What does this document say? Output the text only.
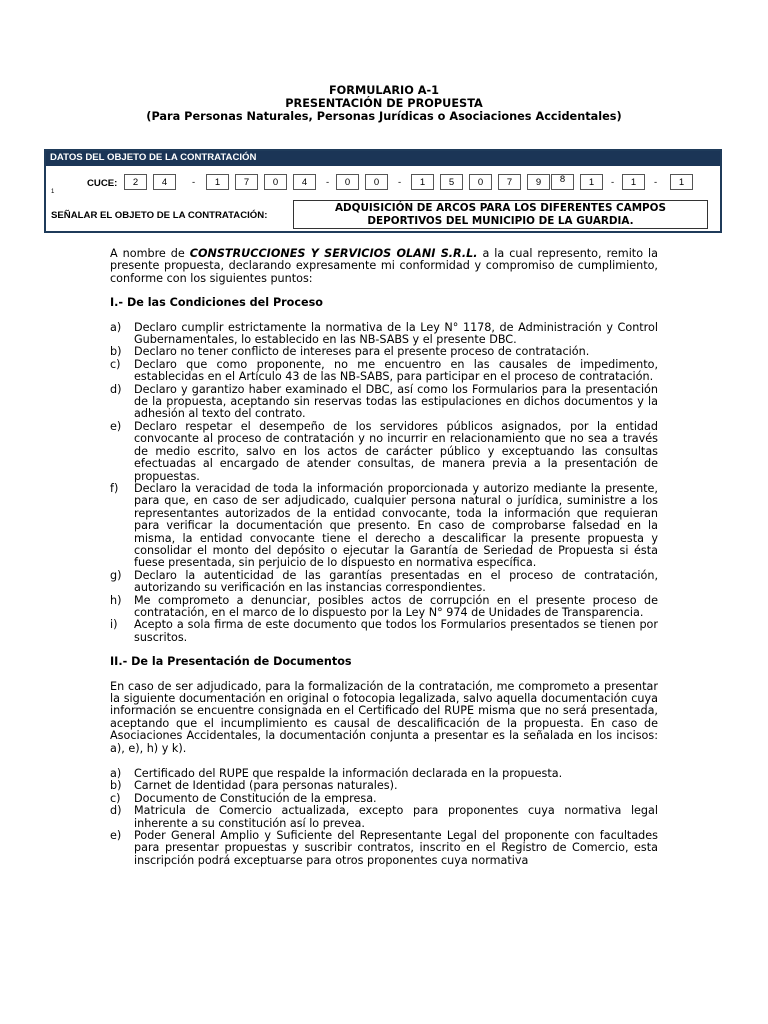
FORMULARIO A-1
PRESENTACIÓN DE PROPUESTA
(Para Personas Naturales, Personas Jurídicas o Asociaciones Accidentales)
DATOS DEL OBJETO DE LA CONTRATACIÓN
1
CUCE:	2	4	-	1	7	0	4	-	0	0	-	1	5	0	7	9	8	1	-	1	-	1
SEÑALAR EL OBJETO DE LA CONTRATACIÓN:
ADQUISICIÓN DE ARCOS PARA LOS DIFERENTES CAMPOS
DEPORTIVOS DEL MUNICIPIO DE LA GUARDIA.

A nombre de CONSTRUCCIONES Y SERVICIOS OLANI S.R.L. a la cual represento, remito la presente propuesta, declarando expresamente mi conformidad y compromiso de cumplimiento, conforme con los siguientes puntos:

I.- De las Condiciones del Proceso

a) Declaro cumplir estrictamente la normativa de la Ley N° 1178, de Administración y Control Gubernamentales, lo establecido en las NB-SABS y el presente DBC.
b) Declaro no tener conflicto de intereses para el presente proceso de contratación.
c) Declaro que como proponente, no me encuentro en las causales de impedimento, establecidas en el Artículo 43 de las NB-SABS, para participar en el proceso de contratación.
d) Declaro y garantizo haber examinado el DBC, así como los Formularios para la presentación de la propuesta, aceptando sin reservas todas las estipulaciones en dichos documentos y la adhesión al texto del contrato.
e) Declaro respetar el desempeño de los servidores públicos asignados, por la entidad convocante al proceso de contratación y no incurrir en relacionamiento que no sea a través de medio escrito, salvo en los actos de carácter público y exceptuando las consultas efectuadas al encargado de atender consultas, de manera previa a la presentación de propuestas.
f) Declaro la veracidad de toda la información proporcionada y autorizo mediante la presente, para que, en caso de ser adjudicado, cualquier persona natural o jurídica, suministre a los representantes autorizados de la entidad convocante, toda la información que requieran para verificar la documentación que presento. En caso de comprobarse falsedad en la misma, la entidad convocante tiene el derecho a descalificar la presente propuesta y consolidar el monto del depósito o ejecutar la Garantía de Seriedad de Propuesta si ésta fuese presentada, sin perjuicio de lo dispuesto en normativa específica.
g) Declaro la autenticidad de las garantías presentadas en el proceso de contratación, autorizando su verificación en las instancias correspondientes.
h) Me comprometo a denunciar, posibles actos de corrupción en el presente proceso de contratación, en el marco de lo dispuesto por la Ley N° 974 de Unidades de Transparencia.
i) Acepto a sola firma de este documento que todos los Formularios presentados se tienen por suscritos.

II.- De la Presentación de Documentos

En caso de ser adjudicado, para la formalización de la contratación, me comprometo a presentar la siguiente documentación en original o fotocopia legalizada, salvo aquella documentación cuya información se encuentre consignada en el Certificado del RUPE misma que no será presentada, aceptando que el incumplimiento es causal de descalificación de la propuesta. En caso de Asociaciones Accidentales, la documentación conjunta a presentar es la señalada en los incisos: a), e), h) y k).

a) Certificado del RUPE que respalde la información declarada en la propuesta.
b) Carnet de Identidad (para personas naturales).
c) Documento de Constitución de la empresa.
d) Matricula de Comercio actualizada, excepto para proponentes cuya normativa legal inherente a su constitución así lo prevea.
e) Poder General Amplio y Suficiente del Representante Legal del proponente con facultades para presentar propuestas y suscribir contratos, inscrito en el Registro de Comercio, esta inscripción podrá exceptuarse para otros proponentes cuya normativa
